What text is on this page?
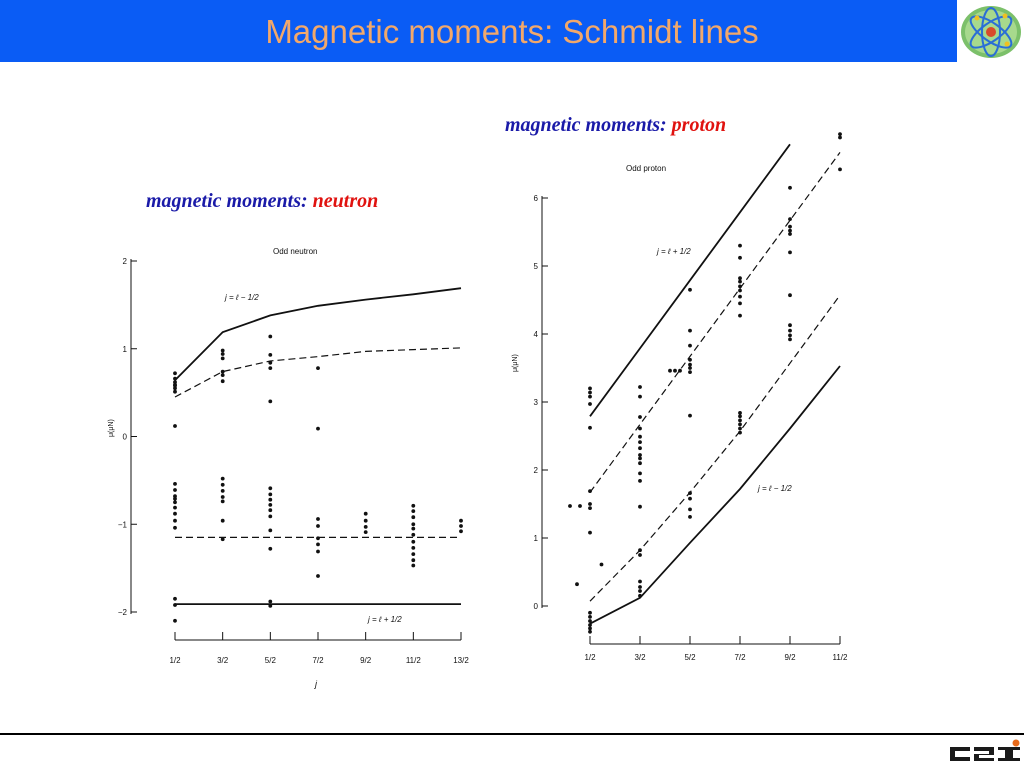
Magnetic moments: Schmidt lines
Odd neutron
−2
−1
0
1
2
1/2	3/2	5/2	7/2	9/2	11/2	13/2
μ(μN)
j
j = ℓ − 1/2
j = ℓ + 1/2
Odd proton
0
1
2
3
4
5
6
1/2	3/2	5/2	7/2	9/2	11/2
μ(μN)
j = ℓ + 1/2
j = ℓ − 1/2
magnetic moments: neutron
magnetic moments: proton
